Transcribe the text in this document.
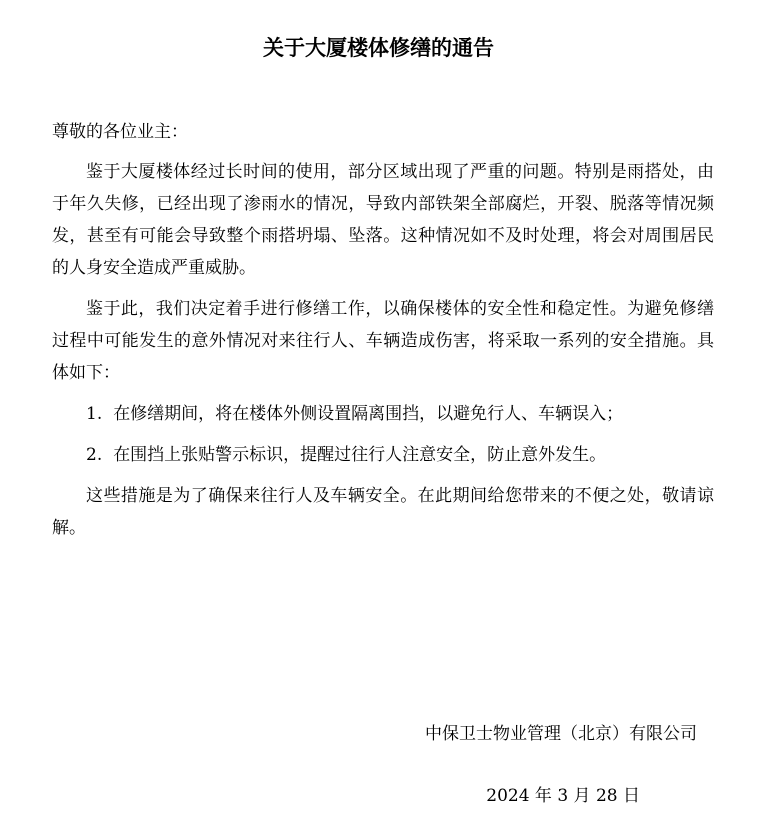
关于大厦楼体修缮的通告

尊敬的各位业主：

鉴于大厦楼体经过长时间的使用，部分区域出现了严重的问题。特别是雨搭处，由于年久失修，已经出现了渗雨水的情况，导致内部铁架全部腐烂，开裂、脱落等情况频发，甚至有可能会导致整个雨搭坍塌、坠落。这种情况如不及时处理，将会对周围居民的人身安全造成严重威胁。

鉴于此，我们决定着手进行修缮工作，以确保楼体的安全性和稳定性。为避免修缮过程中可能发生的意外情况对来往行人、车辆造成伤害，将采取一系列的安全措施。具体如下：

1. 在修缮期间，将在楼体外侧设置隔离围挡，以避免行人、车辆误入；
2. 在围挡上张贴警示标识，提醒过往行人注意安全，防止意外发生。

这些措施是为了确保来往行人及车辆安全。在此期间给您带来的不便之处，敬请谅解。

中保卫士物业管理（北京）有限公司

2024 年 3 月 28 日
